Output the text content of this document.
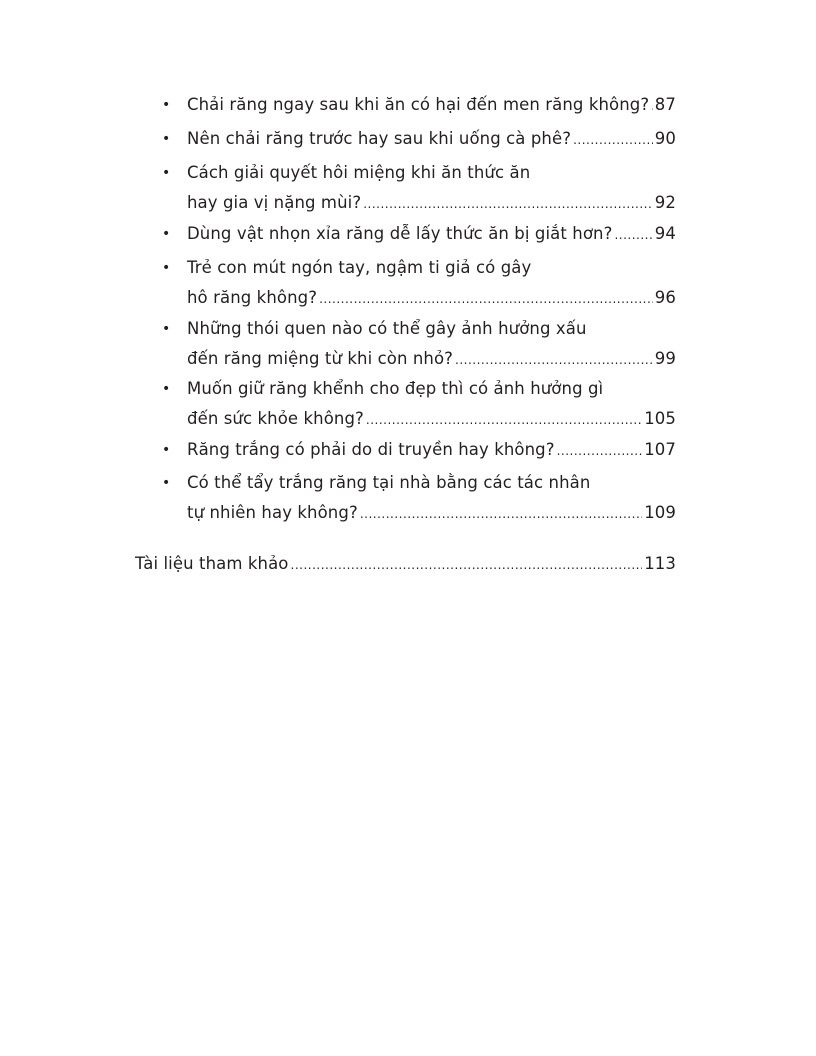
• Chải răng ngay sau khi ăn có hại đến men răng không? ..... 87
• Nên chải răng trước hay sau khi uống cà phê? .....	90
• Cách giải quyết hôi miệng khi ăn thức ăn
hay gia vị nặng mùi? .....	92
• Dùng vật nhọn xỉa răng dễ lấy thức ăn bị giắt hơn? .....	94
• Trẻ con mút ngón tay, ngậm ti giả có gây
hô răng không? .....	96
• Những thói quen nào có thể gây ảnh hưởng xấu
đến răng miệng từ khi còn nhỏ? .....	99
• Muốn giữ răng khểnh cho đẹp thì có ảnh hưởng gì
đến sức khỏe không? .....	105
• Răng trắng có phải do di truyền hay không? .....	107
• Có thể tẩy trắng răng tại nhà bằng các tác nhân
tự nhiên hay không? .....	109
Tài liệu tham khảo .....	113
